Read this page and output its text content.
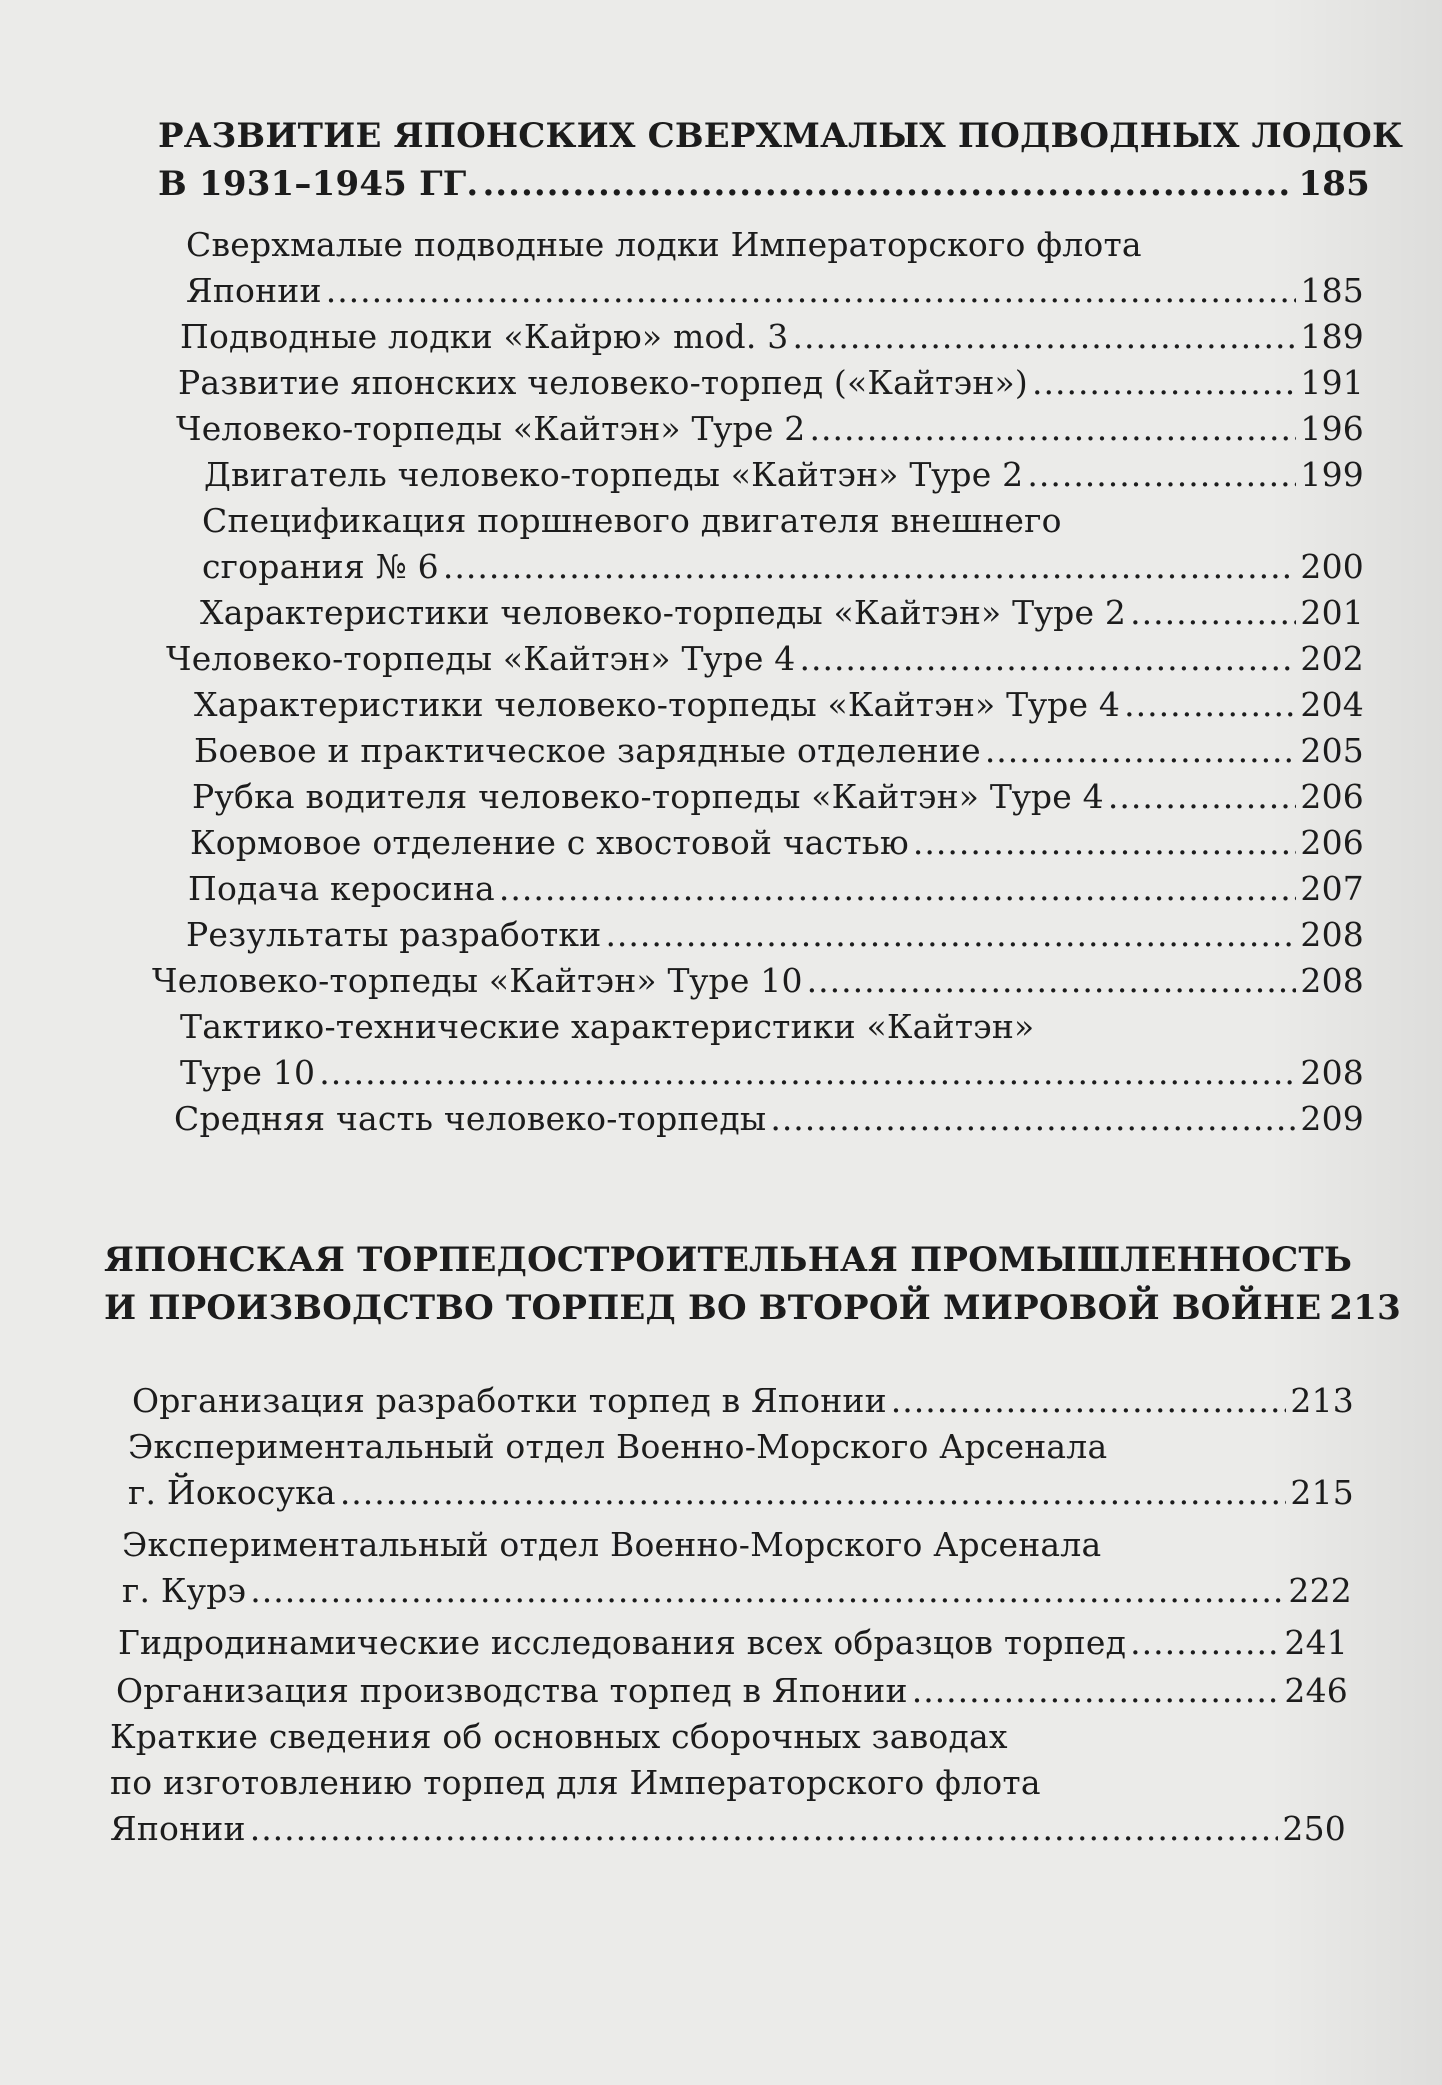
РАЗВИТИЕ ЯПОНСКИХ СВЕРХМАЛЫХ ПОДВОДНЫХ ЛОДОК
В 1931–1945 ГГ. .....	185
Сверхмалые подводные лодки Императорского флота
Японии .....	185
Подводные лодки «Кайрю» mod. 3 .....	189
Развитие японских человеко-торпед («Кайтэн») .....	191
Человеко-торпеды «Кайтэн» Type 2 .....	196
Двигатель человеко-торпеды «Кайтэн» Type 2 .....	199
Спецификация поршневого двигателя внешнего
сгорания № 6 .....	200
Характеристики человеко-торпеды «Кайтэн» Type 2 .....	201
Человеко-торпеды «Кайтэн» Type 4 .....	202
Характеристики человеко-торпеды «Кайтэн» Type 4 .....	204
Боевое и практическое зарядные отделение .....	205
Рубка водителя человеко-торпеды «Кайтэн» Type 4 .....	206
Кормовое отделение с хвостовой частью .....	206
Подача керосина .....	207
Результаты разработки .....	208
Человеко-торпеды «Кайтэн» Type 10 .....	208
Тактико-технические характеристики «Кайтэн»
Type 10 .....	208
Средняя часть человеко-торпеды .....	209
ЯПОНСКАЯ ТОРПЕДОСТРОИТЕЛЬНАЯ ПРОМЫШЛЕННОСТЬ
И ПРОИЗВОДСТВО ТОРПЕД ВО ВТОРОЙ МИРОВОЙ ВОЙНЕ 213
Организация разработки торпед в Японии .....	213
Экспериментальный отдел Военно-Морского Арсенала
г. Йокосука .....	215
Экспериментальный отдел Военно-Морского Арсенала
г. Курэ .....	222
Гидродинамические исследования всех образцов торпед .....	241
Организация производства торпед в Японии .....	246
Краткие сведения об основных сборочных заводах
по изготовлению торпед для Императорского флота
Японии .....	250
